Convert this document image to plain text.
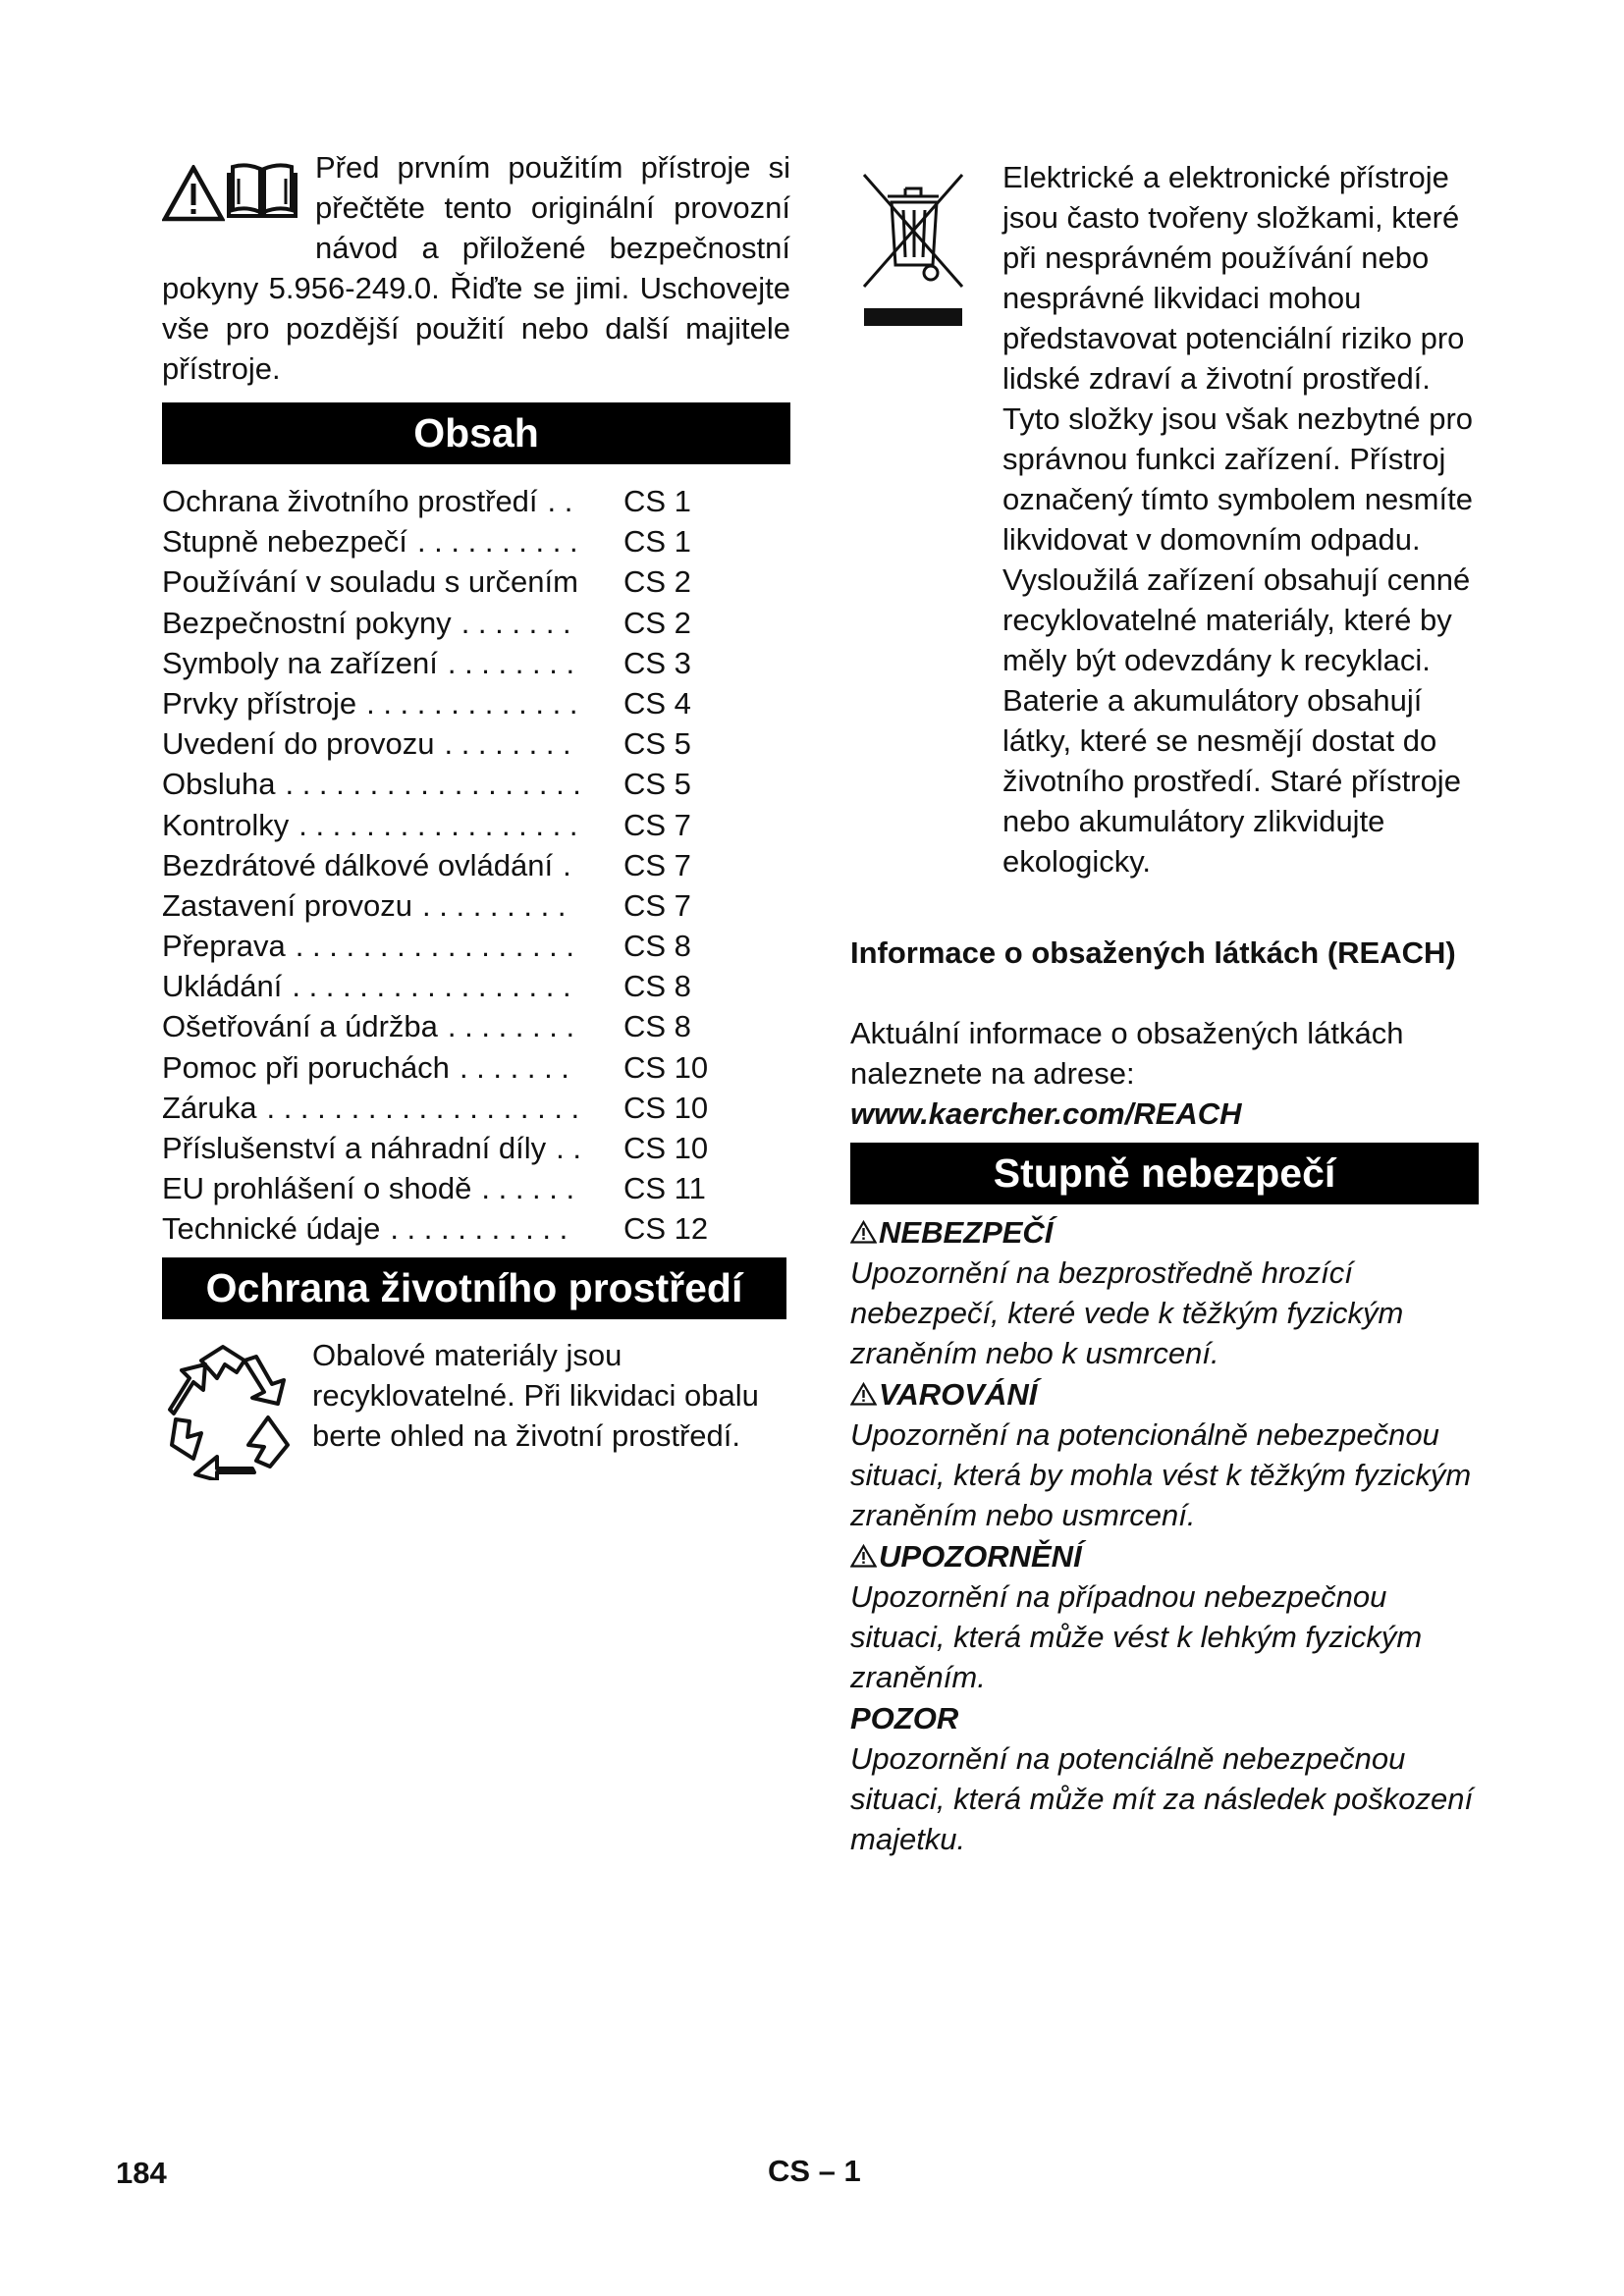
Před prvním použitím přístroje si přečtěte tento originální provozní návod a přiložené bezpečnostní pokyny 5.956-249.0. Řiďte se jimi. Uschovejte vše pro pozdější použití nebo další majitele přístroje.

Obsah
Ochrana životního prostředí . . CS 1
Stupně nebezpečí . . . . . . . . . . CS 1
Používání v souladu s určením CS 2
Bezpečnostní pokyny . . . . . . . CS 2
Symboly na zařízení . . . . . . . . CS 3
Prvky přístroje . . . . . . . . . . . . . CS 4
Uvedení do provozu . . . . . . . . CS 5
Obsluha . . . . . . . . . . . . . . . . . . CS 5
Kontrolky . . . . . . . . . . . . . . . . . CS 7
Bezdrátové dálkové ovládání . CS 7
Zastavení provozu . . . . . . . . . CS 7
Přeprava . . . . . . . . . . . . . . . . . CS 8
Ukládání . . . . . . . . . . . . . . . . . CS 8
Ošetřování a údržba . . . . . . . . CS 8
Pomoc při poruchách . . . . . . . CS 10
Záruka . . . . . . . . . . . . . . . . . . . CS 10
Příslušenství a náhradní díly . . CS 10
EU prohlášení o shodě . . . . . . CS 11
Technické údaje . . . . . . . . . . . CS 12
Ochrana životního prostředí

Obalové materiály jsou recyklovatelné. Při likvidaci obalu berte ohled na životní prostředí.

Elektrické a elektronické přístroje jsou často tvořeny složkami, které při nesprávném používání nebo nesprávné likvidaci mohou představovat potenciální riziko pro lidské zdraví a životní prostředí. Tyto složky jsou však nezbytné pro správnou funkci zařízení. Přístroj označený tímto symbolem nesmíte likvidovat v domovním odpadu.

Vysloužilá zařízení obsahují cenné recyklovatelné materiály, které by měly být odevzdány k recyklaci. Baterie a akumulátory obsahují látky, které se nesmějí dostat do životního prostředí. Staré přístroje nebo akumulátory zlikvidujte ekologicky.

Informace o obsažených látkách (REACH)

Aktuální informace o obsažených látkách naleznete na adrese:

www.kaercher.com/REACH
Stupně nebezpečí
NEBEZPEČÍ

Upozornění na bezprostředně hrozící nebezpečí, které vede k těžkým fyzickým zraněním nebo k usmrcení.

VAROVÁNÍ

Upozornění na potencionálně nebezpečnou situaci, která by mohla vést k těžkým fyzickým zraněním nebo usmrcení.

UPOZORNĚNÍ

Upozornění na případnou nebezpečnou situaci, která může vést k lehkým fyzickým zraněním.

POZOR

Upozornění na potenciálně nebezpečnou situaci, která může mít za následek poškození majetku.

184	CS – 1
